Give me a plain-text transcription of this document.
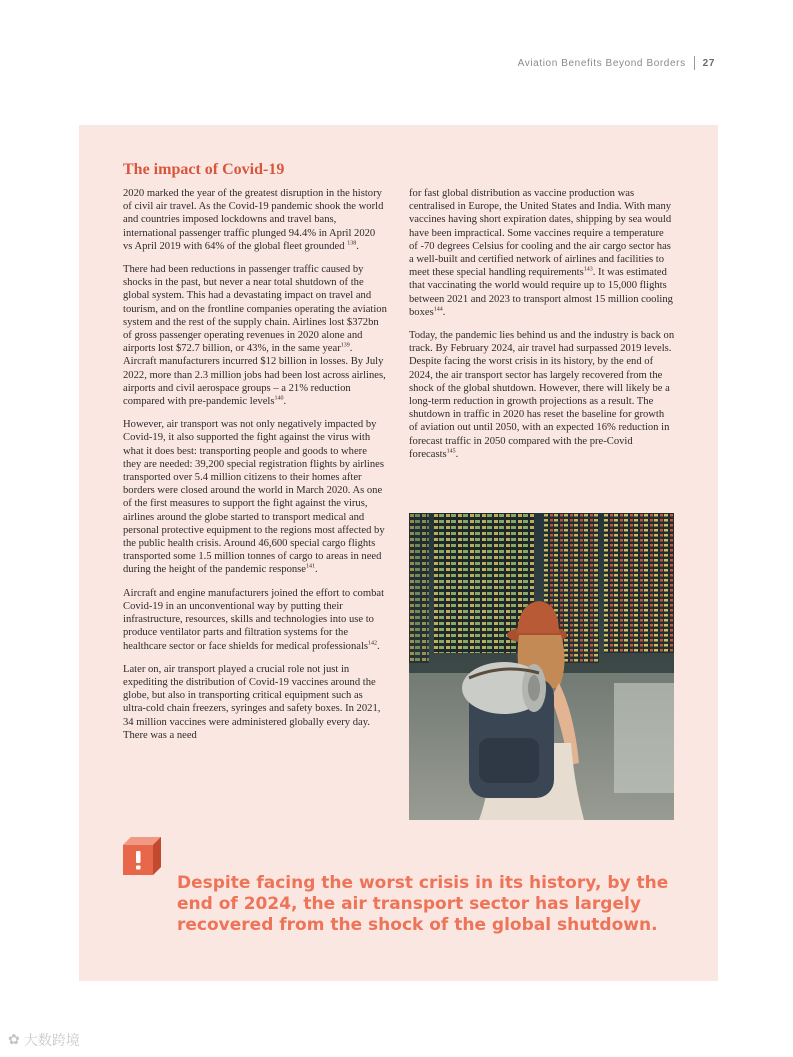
Aviation Benefits Beyond Borders 27
The impact of Covid-19

2020 marked the year of the greatest disruption in the history of civil air travel. As the Covid-19 pandemic shook the world and countries imposed lockdowns and travel bans, international passenger traffic plunged 94.4% in April 2020 vs April 2019 with 64% of the global fleet grounded $^{138}$.

There had been reductions in passenger traffic caused by shocks in the past, but never a near total shutdown of the global system. This had a devastating impact on travel and tourism, and on the frontline companies operating the aviation system and the rest of the supply chain. Airlines lost $372bn of gross passenger operating revenues in 2020 alone and airports lost $72.7 billion, or 43%, in the same year$^{139}$. Aircraft manufacturers incurred $12 billion in losses. By July 2022, more than 2.3 million jobs had been lost across airlines, airports and civil aerospace groups – a 21% reduction compared with pre-pandemic levels$^{140}$.

However, air transport was not only negatively impacted by Covid-19, it also supported the fight against the virus with what it does best: transporting people and goods to where they are needed: 39,200 special registration flights by airlines transported over 5.4 million citizens to their homes after borders were closed around the world in March 2020. As one of the first measures to support the fight against the virus, airlines around the globe started to transport medical and personal protective equipment to the regions most affected by the public health crisis. Around 46,600 special cargo flights transported some 1.5 million tonnes of cargo to areas in need during the height of the pandemic response$^{141}$.

Aircraft and engine manufacturers joined the effort to combat Covid-19 in an unconventional way by putting their infrastructure, resources, skills and technologies into use to produce ventilator parts and filtration systems for the healthcare sector or face shields for medical professionals$^{142}$.

Later on, air transport played a crucial role not just in expediting the distribution of Covid-19 vaccines around the globe, but also in transporting critical equipment such as ultra-cold chain freezers, syringes and safety boxes. In 2021, 34 million vaccines were administered globally every day. There was a need

for fast global distribution as vaccine production was centralised in Europe, the United States and India. With many vaccines having short expiration dates, shipping by sea would have been impractical. Some vaccines require a temperature of -70 degrees Celsius for cooling and the air cargo sector has a well-built and certified network of airlines and facilities to meet these special handling requirements$^{143}$. It was estimated that vaccinating the world would require up to 15,000 flights between 2021 and 2023 to transport almost 15 million cooling boxes$^{144}$.

Today, the pandemic lies behind us and the industry is back on track. By February 2024, air travel had surpassed 2019 levels. Despite facing the worst crisis in its history, by the end of 2024, the air transport sector has largely recovered from the shock of the global shutdown. However, there will likely be a long-term reduction in growth projections as a result. The shutdown in traffic in 2020 has reset the baseline for growth of aviation out until 2050, with an expected 16% reduction in forecast traffic in 2050 compared with the pre-Covid forecasts$^{145}$.

Despite facing the worst crisis in its history, by the end of 2024, the air transport sector has largely recovered from the shock of the global shutdown.

✿ 大数跨境
